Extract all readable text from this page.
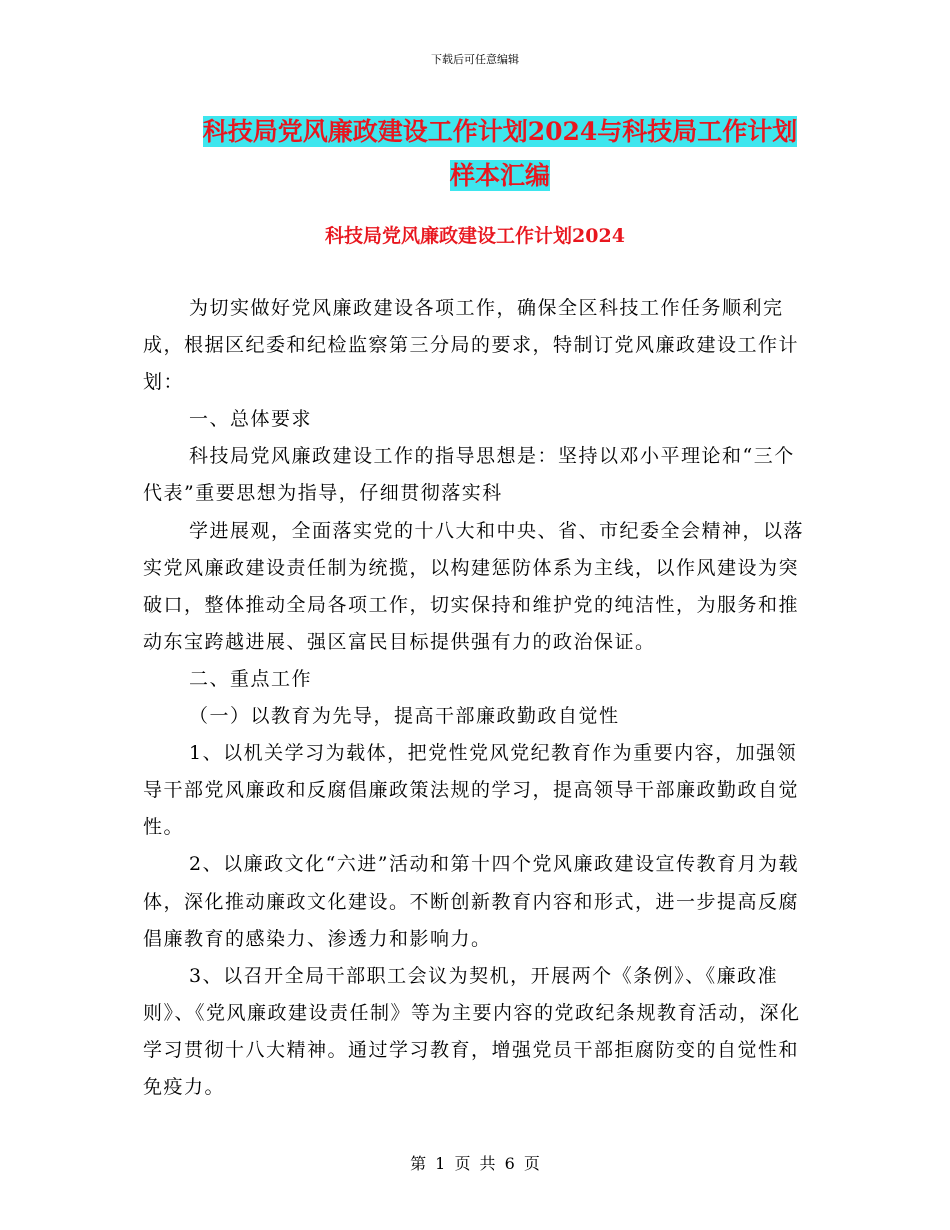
下载后可任意编辑
科技局党风廉政建设工作计划2024与科技局工作计划
样本汇编
科技局党风廉政建设工作计划2024

为切实做好党风廉政建设各项工作，确保全区科技工作任务顺利完成，根据区纪委和纪检监察第三分局的要求，特制订党风廉政建设工作计划：

一、总体要求

科技局党风廉政建设工作的指导思想是：坚持以邓小平理论和“三个代表”重要思想为指导，仔细贯彻落实科

学进展观，全面落实党的十八大和中央、省、市纪委全会精神，以落实党风廉政建设责任制为统揽，以构建惩防体系为主线，以作风建设为突破口，整体推动全局各项工作，切实保持和维护党的纯洁性，为服务和推动东宝跨越进展、强区富民目标提供强有力的政治保证。

二、重点工作

（一）以教育为先导，提高干部廉政勤政自觉性

1、以机关学习为载体，把党性党风党纪教育作为重要内容，加强领导干部党风廉政和反腐倡廉政策法规的学习，提高领导干部廉政勤政自觉性。

2、以廉政文化“六进”活动和第十四个党风廉政建设宣传教育月为载体，深化推动廉政文化建设。不断创新教育内容和形式，进一步提高反腐倡廉教育的感染力、渗透力和影响力。

3、以召开全局干部职工会议为契机，开展两个《条例》、《廉政准则》、《党风廉政建设责任制》等为主要内容的党政纪条规教育活动，深化学习贯彻十八大精神。通过学习教育，增强党员干部拒腐防变的自觉性和免疫力。

第 1 页 共 6 页
